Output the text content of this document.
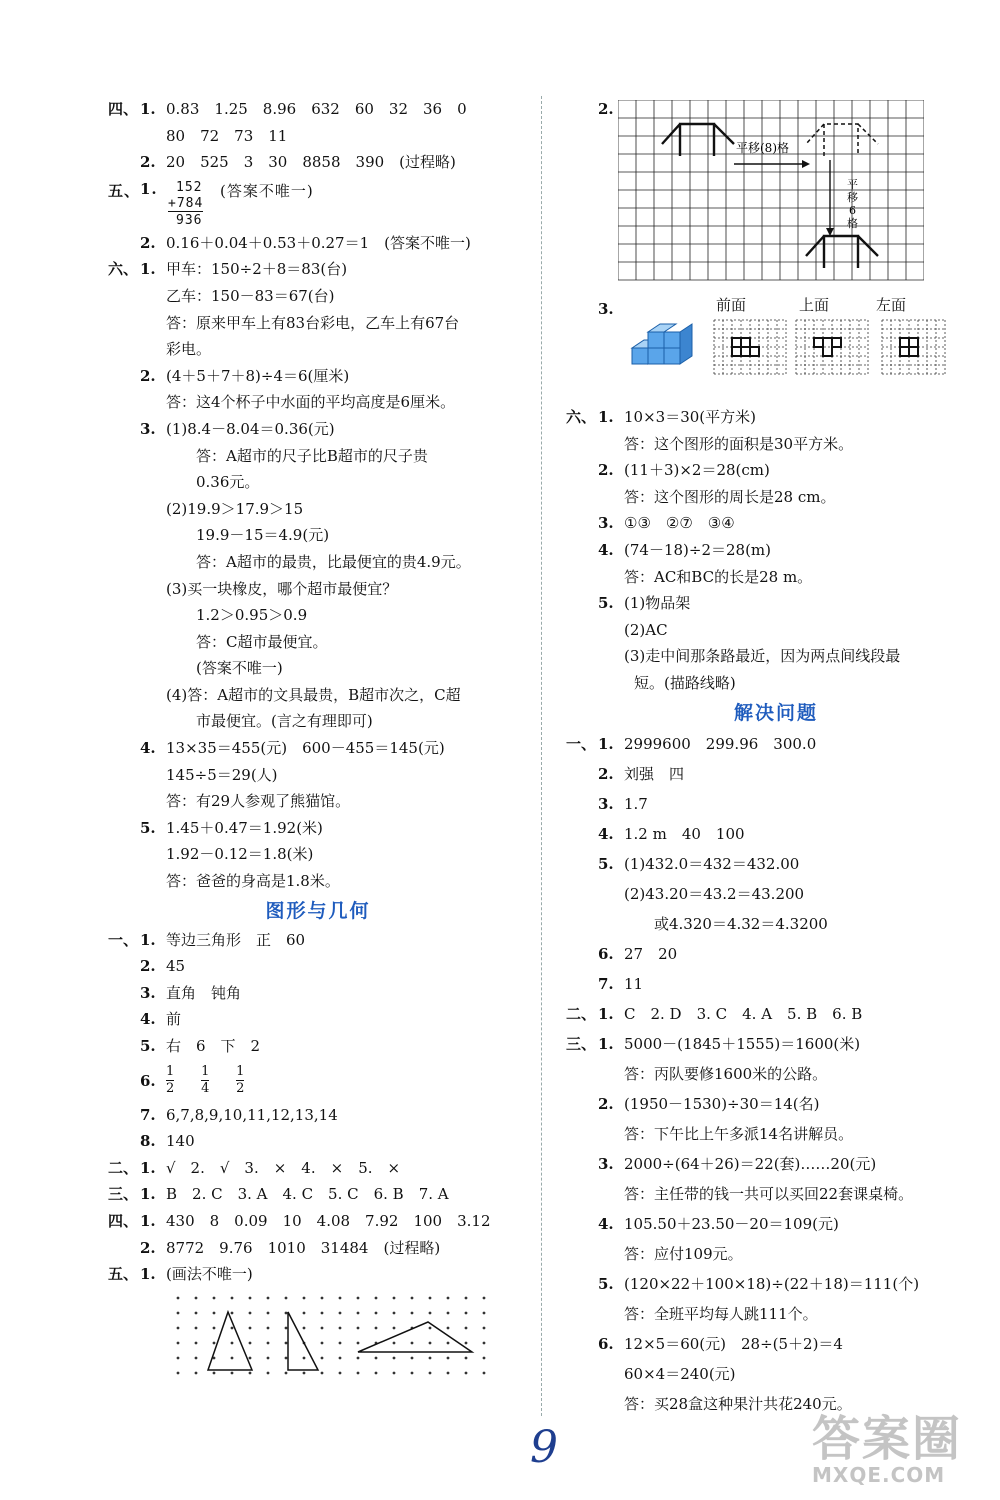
四、 1. 0.83　1.25　8.96　632　60　32　36　0
80　72　73　11
2. 20　525　3　30　8858　390　(过程略)
五、 1. 152 (答案不唯一)
+784
936
2. 0.16＋0.04＋0.53＋0.27＝1　(答案不唯一)
六、 1. 甲车：150÷2＋8＝83(台)
乙车：150－83＝67(台)
答：原来甲车上有83台彩电，乙车上有67台
彩电。
2. (4＋5＋7＋8)÷4＝6(厘米)
答：这4个杯子中水面的平均高度是6厘米。
3. (1)8.4－8.04＝0.36(元)
答：A超市的尺子比B超市的尺子贵
0.36元。
(2)19.9＞17.9＞15
19.9－15＝4.9(元)
答：A超市的最贵，比最便宜的贵4.9元。
(3)买一块橡皮，哪个超市最便宜？
1.2＞0.95＞0.9
答：C超市最便宜。
(答案不唯一)
(4)答：A超市的文具最贵，B超市次之，C超
市最便宜。(言之有理即可)
4. 13×35＝455(元)　600－455＝145(元)
145÷5＝29(人)
答：有29人参观了熊猫馆。
5. 1.45＋0.47＝1.92(米)
1.92－0.12＝1.8(米)
答：爸爸的身高是1.8米。
图形与几何
一、 1. 等边三角形　正　60
2. 45
3. 直角　钝角
4. 前
5. 右　6　下　2
6. $\frac{1}{2} \frac{1}{4} \frac{1}{2}$
7. 6,7,8,9,10,11,12,13,14
8. 140
二、 1. √　2.　√　3.　×　4.　×　5.　×
三、 1. B　2. C　3. A　4. C　5. C　6. B　7. A
四、 1. 430　8　0.09　10　4.08　7.92　100　3.12
2. 8772　9.76　1010　31484　(过程略)
五、 1. (画法不唯一)
2.
平移(8)格
平
移
6
格
3.	前面	上面	左面
六、 1. 10×3＝30(平方米)
答：这个图形的面积是30平方米。
2. (11＋3)×2＝28(cm)
答：这个图形的周长是28 cm。
3. ①③　②⑦　③④
4. (74－18)÷2＝28(m)
答：AC和BC的长是28 m。
5. (1)物品架
(2)AC
(3)走中间那条路最近，因为两点间线段最
短。(描路线略)
解决问题
一、 1. 2999600　299.96　300.0
2. 刘强　四
3. 1.7
4. 1.2 m　40　100
5. (1)432.0＝432＝432.00
(2)43.20＝43.2＝43.200
或4.320＝4.32＝4.3200
6. 27　20
7. 11
二、 1. C　2. D　3. C　4. A　5. B　6. B
三、 1. 5000－(1845＋1555)＝1600(米)
答：丙队要修1600米的公路。
2. (1950－1530)÷30＝14(名)
答：下午比上午多派14名讲解员。
3. 2000÷(64＋26)＝22(套)……20(元)
答：主任带的钱一共可以买回22套课桌椅。
4. 105.50＋23.50－20＝109(元)
答：应付109元。
5. (120×22＋100×18)÷(22＋18)＝111(个)
答：全班平均每人跳111个。
6. 12×5＝60(元)　28÷(5＋2)＝4
60×4＝240(元)
答：买28盒这种果汁共花240元。
9	答案圈
MXQE.COM
